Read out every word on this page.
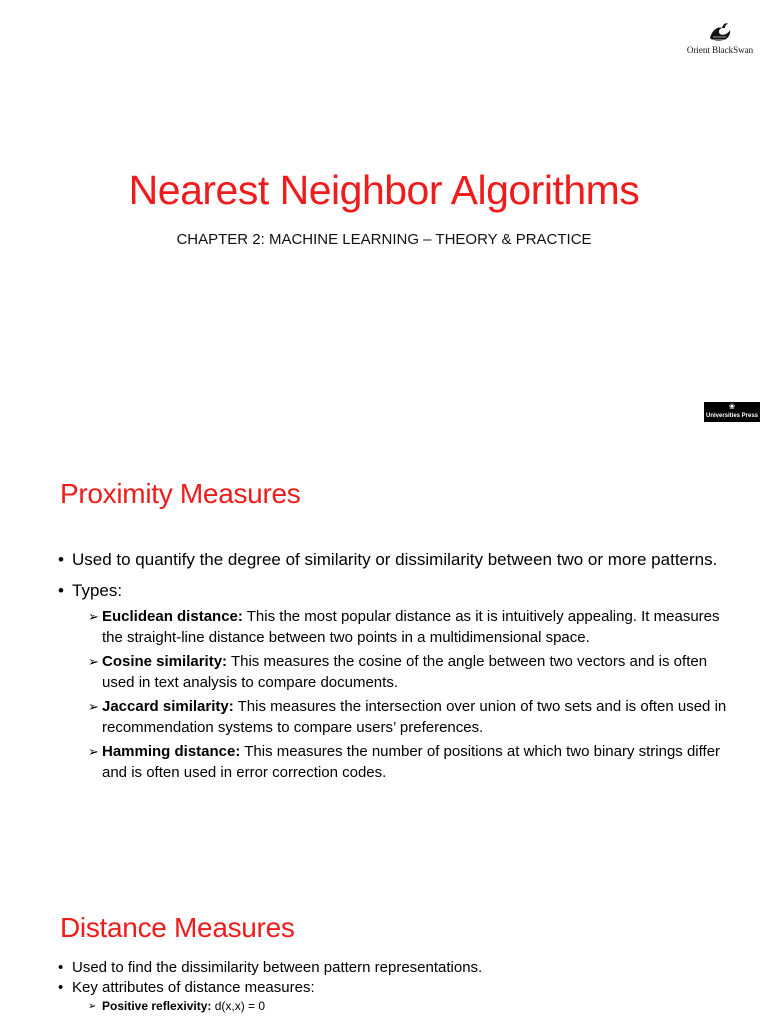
Orient BlackSwan
Nearest Neighbor Algorithms
CHAPTER 2: MACHINE LEARNING – THEORY & PRACTICE
❀
Universities Press
Proximity Measures
• Used to quantify the degree of similarity or dissimilarity between two or more patterns.
• Types:
➢ Euclidean distance: This the most popular distance as it is intuitively appealing. It measures the straight-line distance between two points in a multidimensional space.
➢ Cosine similarity: This measures the cosine of the angle between two vectors and is often used in text analysis to compare documents.
➢ Jaccard similarity: This measures the intersection over union of two sets and is often used in recommendation systems to compare users’ preferences.
➢ Hamming distance: This measures the number of positions at which two binary strings differ and is often used in error correction codes.
Distance Measures
• Used to find the dissimilarity between pattern representations.
• Key attributes of distance measures:
➢ Positive reflexivity: d(x,x) = 0
